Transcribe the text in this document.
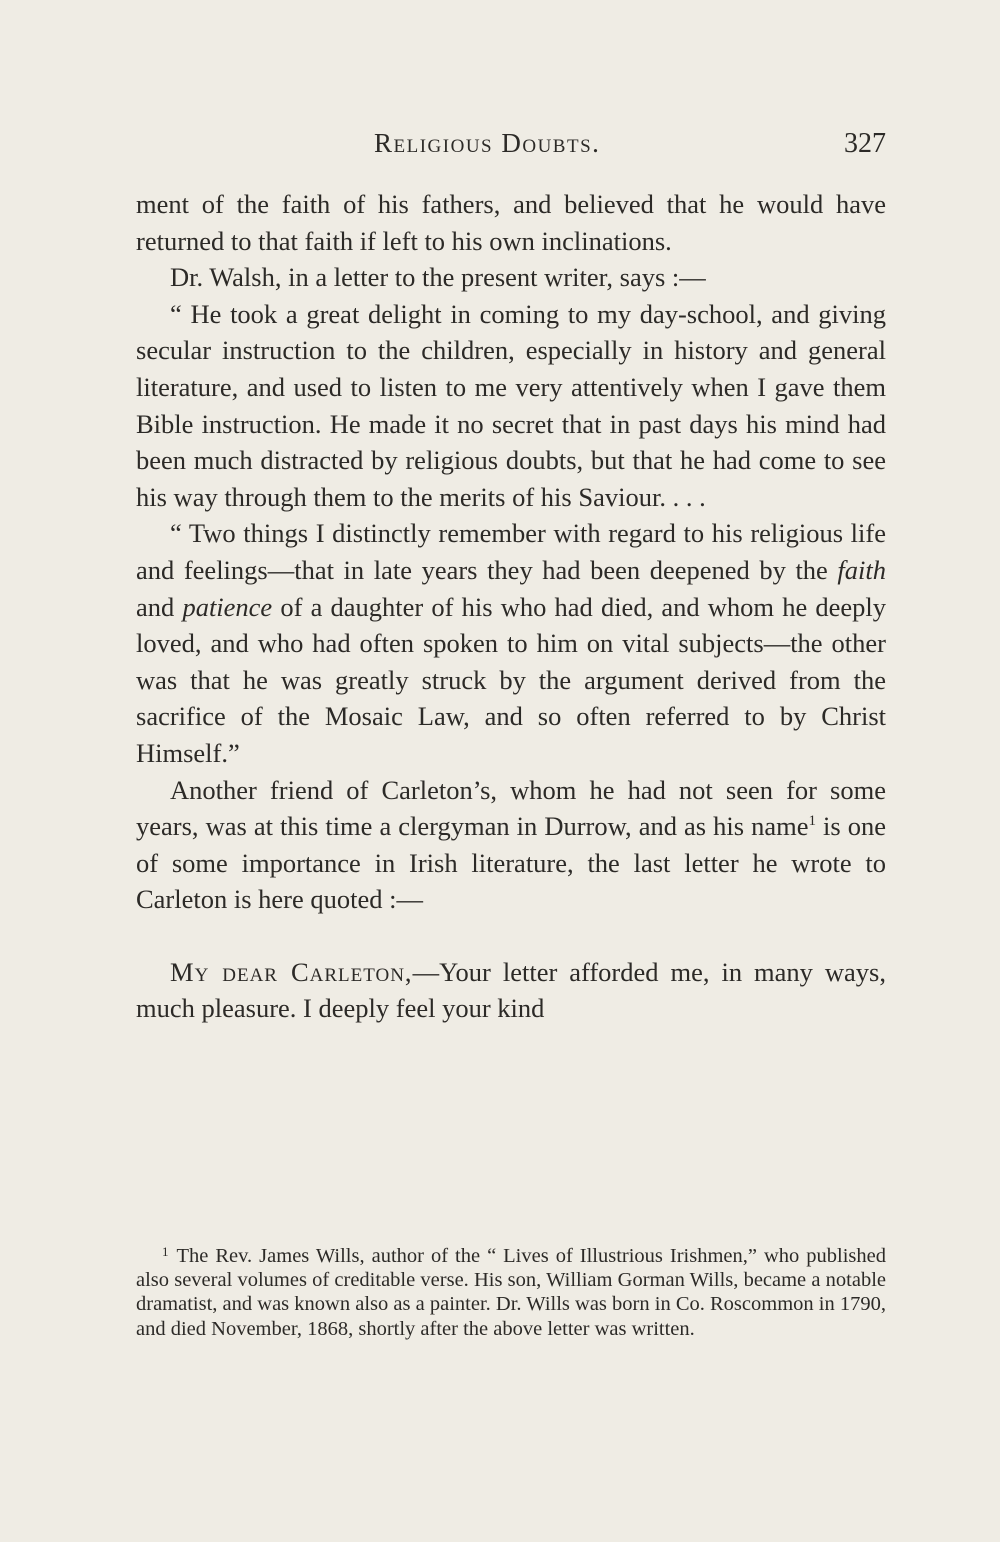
Religious Doubts.	327

ment of the faith of his fathers, and believed that he would have returned to that faith if left to his own inclinations.

Dr. Walsh, in a letter to the present writer, says :—

“ He took a great delight in coming to my day-school, and giving secular instruction to the children, especially in history and general literature, and used to listen to me very attentively when I gave them Bible instruction. He made it no secret that in past days his mind had been much distracted by religious doubts, but that he had come to see his way through them to the merits of his Saviour. . . .

“ Two things I distinctly remember with regard to his religious life and feelings—that in late years they had been deepened by the faith and patience of a daughter of his who had died, and whom he deeply loved, and who had often spoken to him on vital subjects—the other was that he was greatly struck by the argument derived from the sacrifice of the Mosaic Law, and so often referred to by Christ Himself.”

Another friend of Carleton’s, whom he had not seen for some years, was at this time a clergyman in Durrow, and as his name$^1$ is one of some importance in Irish literature, the last letter he wrote to Carleton is here quoted :—

My dear Carleton,—Your letter afforded me, in many ways, much pleasure. I deeply feel your kind

$^1$ The Rev. James Wills, author of the “ Lives of Illustrious Irishmen,” who published also several volumes of creditable verse. His son, William Gorman Wills, became a notable dramatist, and was known also as a painter. Dr. Wills was born in Co. Roscommon in 1790, and died November, 1868, shortly after the above letter was written.
